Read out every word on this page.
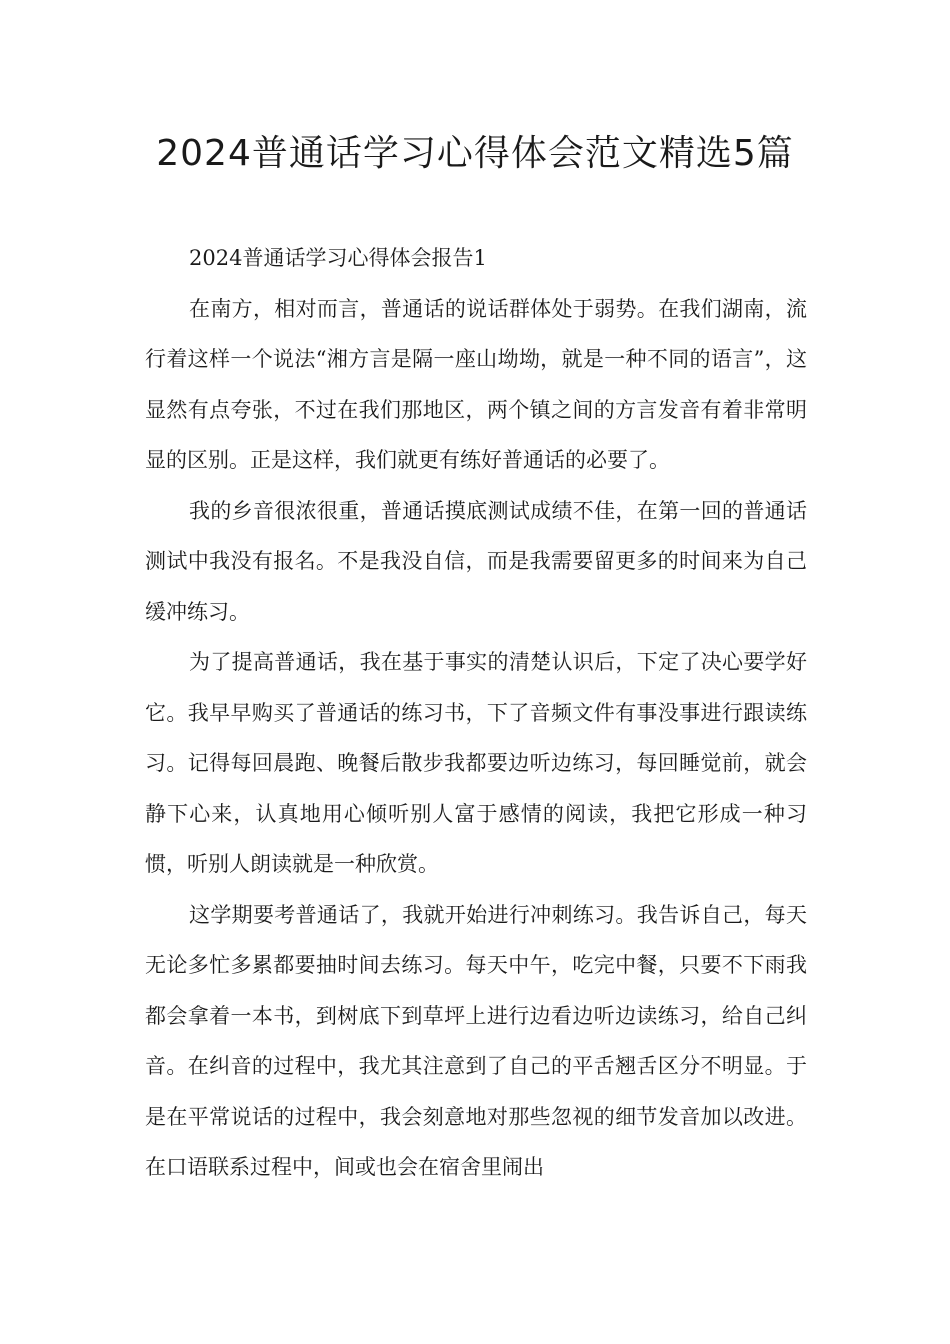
2024普通话学习心得体会范文精选5篇

2024普通话学习心得体会报告1

在南方，相对而言，普通话的说话群体处于弱势。在我们湖南，流行着这样一个说法“湘方言是隔一座山坳坳，就是一种不同的语言”，这显然有点夸张，不过在我们那地区，两个镇之间的方言发音有着非常明显的区别。正是这样，我们就更有练好普通话的必要了。

我的乡音很浓很重，普通话摸底测试成绩不佳，在第一回的普通话测试中我没有报名。不是我没自信，而是我需要留更多的时间来为自己缓冲练习。

为了提高普通话，我在基于事实的清楚认识后，下定了决心要学好它。我早早购买了普通话的练习书，下了音频文件有事没事进行跟读练习。记得每回晨跑、晚餐后散步我都要边听边练习，每回睡觉前，就会静下心来，认真地用心倾听别人富于感情的阅读，我把它形成一种习惯，听别人朗读就是一种欣赏。

这学期要考普通话了，我就开始进行冲刺练习。我告诉自己，每天无论多忙多累都要抽时间去练习。每天中午，吃完中餐，只要不下雨我都会拿着一本书，到树底下到草坪上进行边看边听边读练习，给自己纠音。在纠音的过程中，我尤其注意到了自己的平舌翘舌区分不明显。于是在平常说话的过程中，我会刻意地对那些忽视的细节发音加以改进。在口语联系过程中，间或也会在宿舍里闹出
